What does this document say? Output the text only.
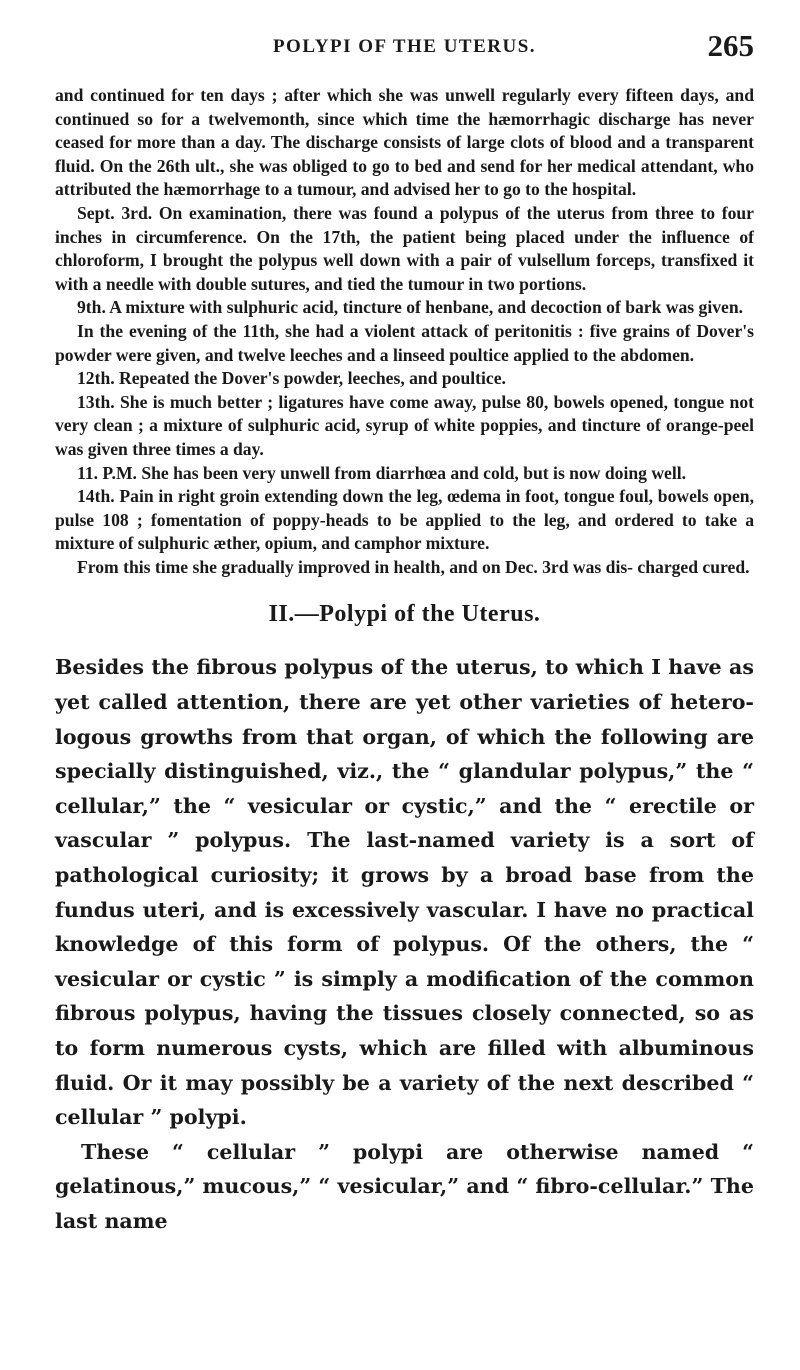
POLYPI OF THE UTERUS.	265

and continued for ten days ; after which she was unwell regularly every fifteen days, and continued so for a twelvemonth, since which time the hæmorrhagic discharge has never ceased for more than a day. The discharge consists of large clots of blood and a transparent fluid. On the 26th ult., she was obliged to go to bed and send for her medical attendant, who attributed the hæmorrhage to a tumour, and advised her to go to the hospital.

Sept. 3rd. On examination, there was found a polypus of the uterus from three to four inches in circumference. On the 17th, the patient being placed under the influence of chloroform, I brought the polypus well down with a pair of vulsellum forceps, transfixed it with a needle with double sutures, and tied the tumour in two portions.

9th. A mixture with sulphuric acid, tincture of henbane, and decoction of bark was given.

In the evening of the 11th, she had a violent attack of peritonitis : five grains of Dover's powder were given, and twelve leeches and a linseed poultice applied to the abdomen.

12th. Repeated the Dover's powder, leeches, and poultice.

13th. She is much better ; ligatures have come away, pulse 80, bowels opened, tongue not very clean ; a mixture of sulphuric acid, syrup of white poppies, and tincture of orange-peel was given three times a day.

11. P.M. She has been very unwell from diarrhœa and cold, but is now doing well.

14th. Pain in right groin extending down the leg, œdema in foot, tongue foul, bowels open, pulse 108 ; fomentation of poppy-heads to be applied to the leg, and ordered to take a mixture of sulphuric æther, opium, and camphor mixture.

From this time she gradually improved in health, and on Dec. 3rd was dis- charged cured.

II.—Polypi of the Uterus.

Besides the fibrous polypus of the uterus, to which I have as yet called attention, there are yet other varieties of hetero- logous growths from that organ, of which the following are specially distinguished, viz., the “ glandular polypus,” the “ cellular,” the “ vesicular or cystic,” and the “ erectile or vascular ” polypus. The last-named variety is a sort of pathological curiosity; it grows by a broad base from the fundus uteri, and is excessively vascular. I have no practical knowledge of this form of polypus. Of the others, the “ vesicular or cystic ” is simply a modification of the common fibrous polypus, having the tissues closely connected, so as to form numerous cysts, which are filled with albuminous fluid. Or it may possibly be a variety of the next described “ cellular ” polypi.

These “ cellular ” polypi are otherwise named “ gelatinous,” mucous,” “ vesicular,” and “ fibro-cellular.” The last name
